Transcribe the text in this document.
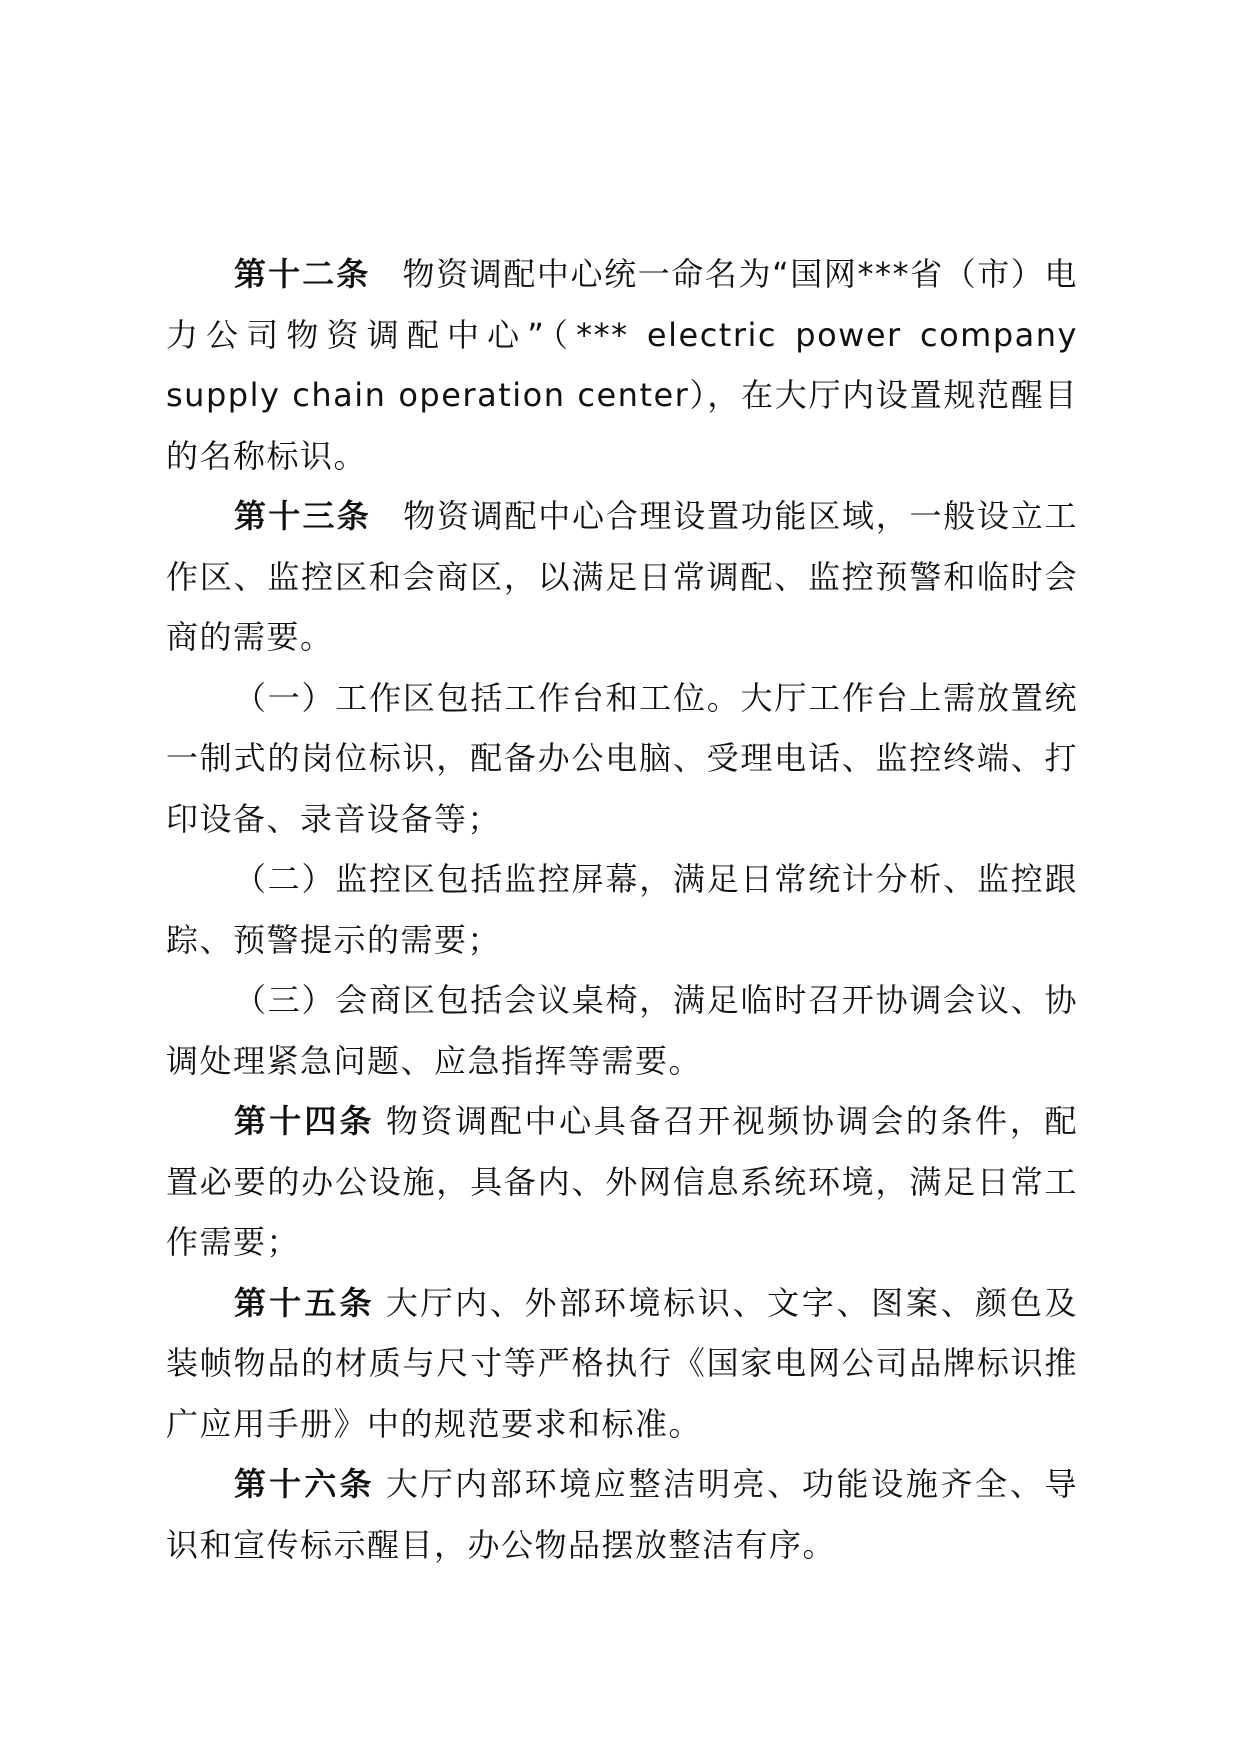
第十二条 物资调配中心统一命名为“国网***省（市）电力公司物资调配中心”（*** electric power company supply chain operation center），在大厅内设置规范醒目的名称标识。

第十三条 物资调配中心合理设置功能区域，一般设立工作区、监控区和会商区，以满足日常调配、监控预警和临时会商的需要。

（一）工作区包括工作台和工位。大厅工作台上需放置统一制式的岗位标识，配备办公电脑、受理电话、监控终端、打印设备、录音设备等；

（二）监控区包括监控屏幕，满足日常统计分析、监控跟踪、预警提示的需要；

（三）会商区包括会议桌椅，满足临时召开协调会议、协调处理紧急问题、应急指挥等需要。

第十四条 物资调配中心具备召开视频协调会的条件，配置必要的办公设施，具备内、外网信息系统环境，满足日常工作需要；

第十五条 大厅内、外部环境标识、文字、图案、颜色及装帧物品的材质与尺寸等严格执行《国家电网公司品牌标识推广应用手册》中的规范要求和标准。

第十六条 大厅内部环境应整洁明亮、功能设施齐全、导识和宣传标示醒目，办公物品摆放整洁有序。
